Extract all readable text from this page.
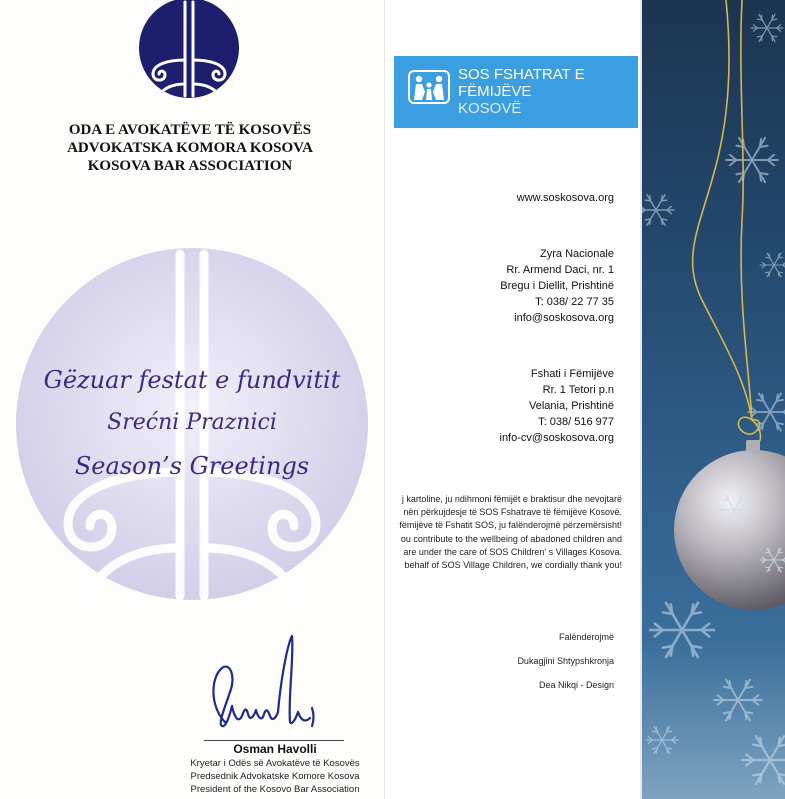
ODA E AVOKATËVE TË KOSOVËS
ADVOKATSKA KOMORA KOSOVA
KOSOVA BAR ASSOCIATION
Gëzuar festat e fundvitit
Srećni Praznici
Season’s Greetings
Osman Havolli
Kryetar i Odës së Avokatëve të Kosovës
Predsednik Advokatske Komore Kosova
President of the Kosovo Bar Association
SOS FSHATRAT E
FËMIJËVE
KOSOVË
www.soskosova.org
Zyra Nacionale
Rr. Armend Daci, nr. 1
Bregu i Diellit, Prishtinë
T: 038/ 22 77 35
info@soskosova.org
Fshati i Fëmijëve
Rr. 1 Tetori p.n
Velania, Prishtinë
T: 038/ 516 977
info-cv@soskosova.org
j kartoline, ju ndihmoni fëmijët e braktisur dhe nevojtarë
nën përkujdesje të SOS Fshatrave të fëmijëve Kosovë.
fëmijëve të Fshatit SOS, ju falënderojmë përzemërsisht!
ou contribute to the wellbeing of abadoned children and
are under the care of SOS Children' s Villages Kosova.
behalf of SOS Village Children, we cordially thank you!
Falënderojmë
Dukagjini Shtypshkronja
Dea Nikqi - Design
